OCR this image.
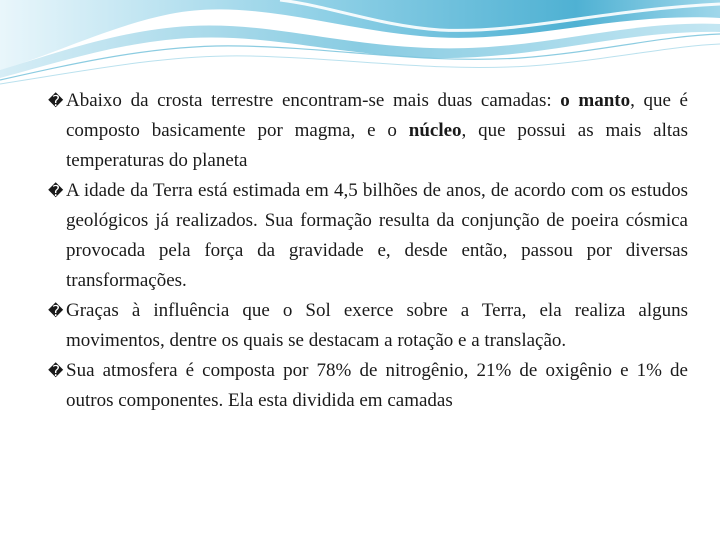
� Abaixo da crosta terrestre encontram-se mais duas camadas: o manto, que é composto basicamente por magma, e o núcleo, que possui as mais altas temperaturas do planeta

� A idade da Terra está estimada em 4,5 bilhões de anos, de acordo com os estudos geológicos já realizados. Sua formação resulta da conjunção de poeira cósmica provocada pela força da gravidade e, desde então, passou por diversas transformações.

� Graças à influência que o Sol exerce sobre a Terra, ela realiza alguns movimentos, dentre os quais se destacam a rotação e a translação.

� Sua atmosfera é composta por 78% de nitrogênio, 21% de oxigênio e 1% de outros componentes. Ela esta dividida em camadas
